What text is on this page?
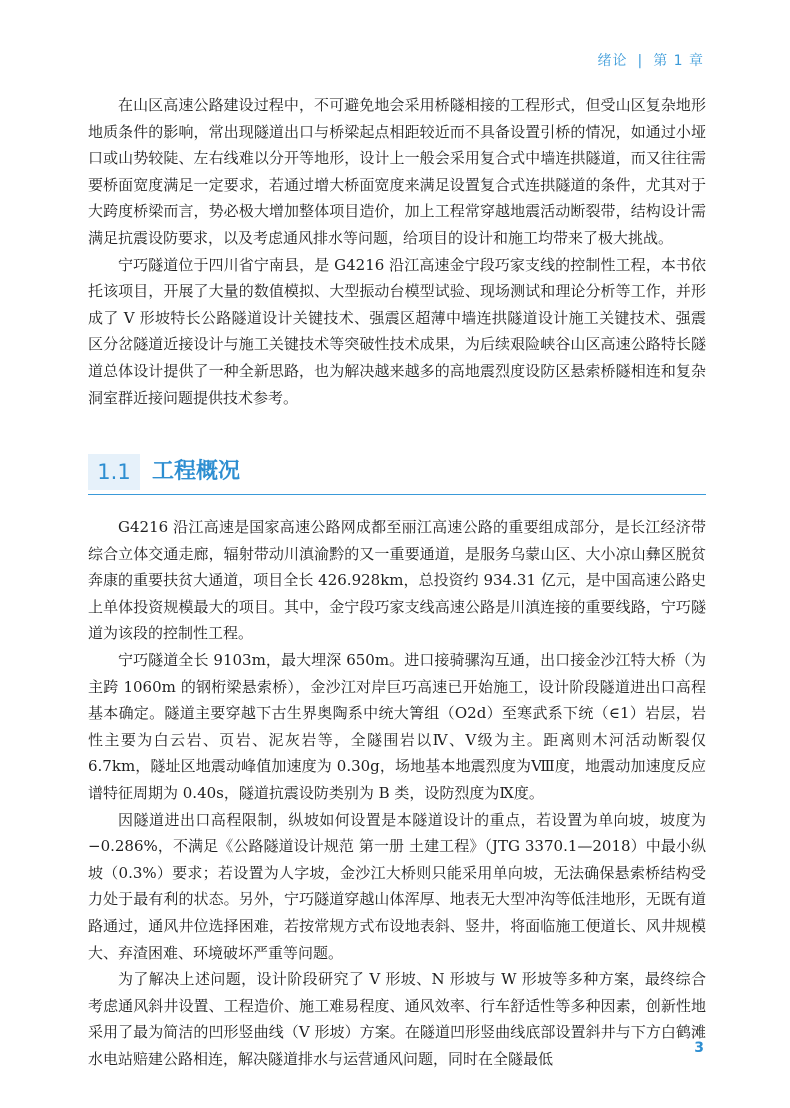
绪论 | 第 1 章

在山区高速公路建设过程中，不可避免地会采用桥隧相接的工程形式，但受山区复杂地形地质条件的影响，常出现隧道出口与桥梁起点相距较近而不具备设置引桥的情况，如通过小垭口或山势较陡、左右线难以分开等地形，设计上一般会采用复合式中墙连拱隧道，而又往往需要桥面宽度满足一定要求，若通过增大桥面宽度来满足设置复合式连拱隧道的条件，尤其对于大跨度桥梁而言，势必极大增加整体项目造价，加上工程常穿越地震活动断裂带，结构设计需满足抗震设防要求，以及考虑通风排水等问题，给项目的设计和施工均带来了极大挑战。

宁巧隧道位于四川省宁南县，是 G4216 沿江高速金宁段巧家支线的控制性工程，本书依托该项目，开展了大量的数值模拟、大型振动台模型试验、现场测试和理论分析等工作，并形成了 V 形坡特长公路隧道设计关键技术、强震区超薄中墙连拱隧道设计施工关键技术、强震区分岔隧道近接设计与施工关键技术等突破性技术成果，为后续艰险峡谷山区高速公路特长隧道总体设计提供了一种全新思路，也为解决越来越多的高地震烈度设防区悬索桥隧相连和复杂洞室群近接问题提供技术参考。

1.1 工程概况

G4216 沿江高速是国家高速公路网成都至丽江高速公路的重要组成部分，是长江经济带综合立体交通走廊，辐射带动川滇渝黔的又一重要通道，是服务乌蒙山区、大小凉山彝区脱贫奔康的重要扶贫大通道，项目全长 426.928km，总投资约 934.31 亿元，是中国高速公路史上单体投资规模最大的项目。其中，金宁段巧家支线高速公路是川滇连接的重要线路，宁巧隧道为该段的控制性工程。

宁巧隧道全长 9103m，最大埋深 650m。进口接骑骡沟互通，出口接金沙江特大桥（为主跨 1060m 的钢桁梁悬索桥），金沙江对岸巨巧高速已开始施工，设计阶段隧道进出口高程基本确定。隧道主要穿越下古生界奥陶系中统大箐组（O2d）至寒武系下统（∈1）岩层，岩性主要为白云岩、页岩、泥灰岩等，全隧围岩以Ⅳ、Ⅴ级为主。距离则木河活动断裂仅 6.7km，隧址区地震动峰值加速度为 0.30g，场地基本地震烈度为Ⅷ度，地震动加速度反应谱特征周期为 0.40s，隧道抗震设防类别为 B 类，设防烈度为Ⅸ度。

因隧道进出口高程限制，纵坡如何设置是本隧道设计的重点，若设置为单向坡，坡度为 −0.286%，不满足《公路隧道设计规范 第一册 土建工程》（JTG 3370.1—2018）中最小纵坡（0.3%）要求；若设置为人字坡，金沙江大桥则只能采用单向坡，无法确保悬索桥结构受力处于最有利的状态。另外，宁巧隧道穿越山体浑厚、地表无大型冲沟等低洼地形，无既有道路通过，通风井位选择困难，若按常规方式布设地表斜、竖井，将面临施工便道长、风井规模大、弃渣困难、环境破坏严重等问题。

为了解决上述问题，设计阶段研究了 V 形坡、N 形坡与 W 形坡等多种方案，最终综合考虑通风斜井设置、工程造价、施工难易程度、通风效率、行车舒适性等多种因素，创新性地采用了最为简洁的凹形竖曲线（V 形坡）方案。在隧道凹形竖曲线底部设置斜井与下方白鹤滩水电站赔建公路相连，解决隧道排水与运营通风问题，同时在全隧最低

3
